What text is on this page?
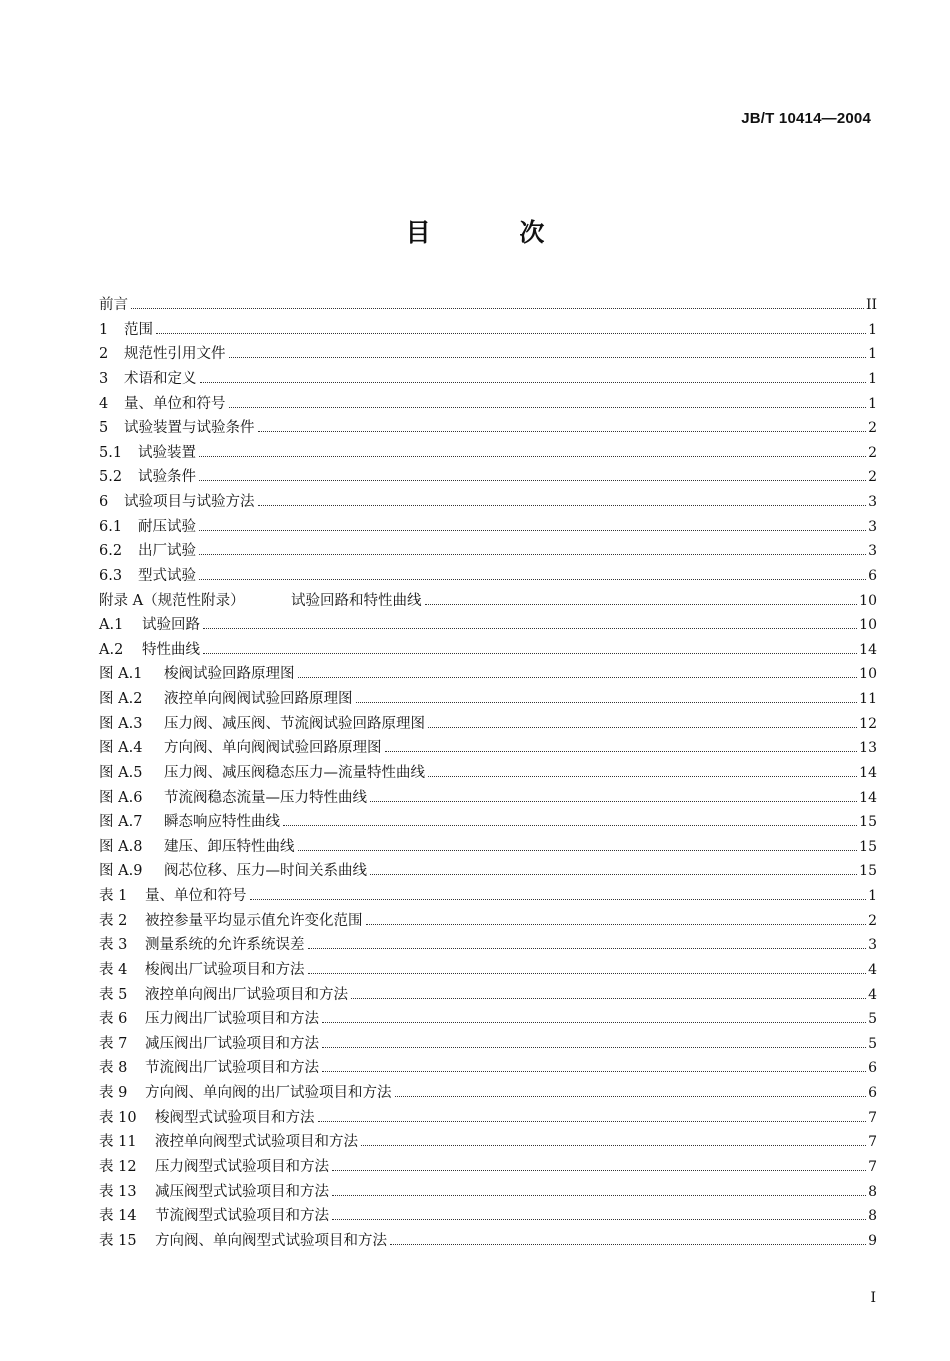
JB/T 10414—2004
目 次
前言	II
1 范围	1
2 规范性引用文件	1
3 术语和定义	1
4 量、单位和符号	1
5 试验装置与试验条件	2
5.1 试验装置	2
5.2 试验条件	2
6 试验项目与试验方法	3
6.1 耐压试验	3
6.2 出厂试验	3
6.3 型式试验	6
附录 A（规范性附录）	试验回路和特性曲线	10
A.1 试验回路	10
A.2 特性曲线	14
图 A.1 梭阀试验回路原理图	10
图 A.2 液控单向阀阀试验回路原理图	11
图 A.3 压力阀、减压阀、节流阀试验回路原理图	12
图 A.4 方向阀、单向阀阀试验回路原理图	13
图 A.5 压力阀、减压阀稳态压力—流量特性曲线	14
图 A.6 节流阀稳态流量—压力特性曲线	14
图 A.7 瞬态响应特性曲线	15
图 A.8 建压、卸压特性曲线	15
图 A.9 阀芯位移、压力—时间关系曲线	15
表 1 量、单位和符号	1
表 2 被控参量平均显示值允许变化范围	2
表 3 测量系统的允许系统误差	3
表 4 梭阀出厂试验项目和方法	4
表 5 液控单向阀出厂试验项目和方法	4
表 6 压力阀出厂试验项目和方法	5
表 7 减压阀出厂试验项目和方法	5
表 8 节流阀出厂试验项目和方法	6
表 9 方向阀、单向阀的出厂试验项目和方法	6
表 10 梭阀型式试验项目和方法	7
表 11 液控单向阀型式试验项目和方法	7
表 12 压力阀型式试验项目和方法	7
表 13 减压阀型式试验项目和方法	8
表 14 节流阀型式试验项目和方法	8
表 15 方向阀、单向阀型式试验项目和方法	9
I
